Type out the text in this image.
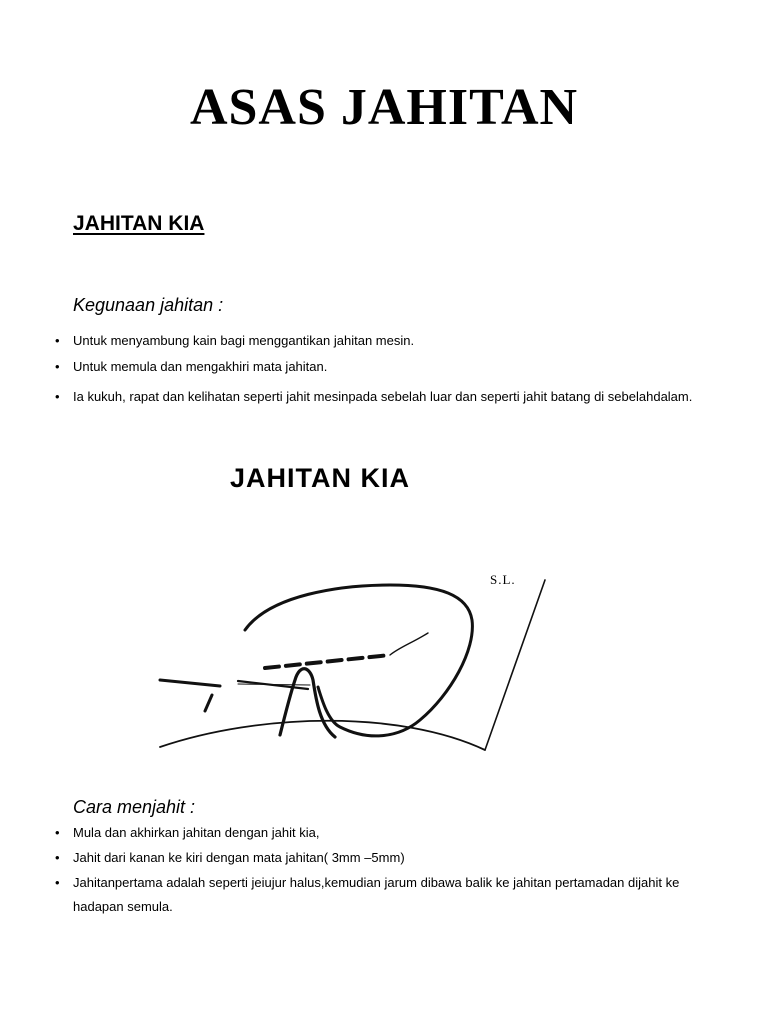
ASAS JAHITAN
JAHITAN KIA

Kegunaan jahitan :

• Untuk menyambung kain bagi menggantikan jahitan mesin.
• Untuk memula dan mengakhiri mata jahitan.
• Ia kukuh, rapat dan kelihatan seperti jahit mesinpada sebelah luar dan seperti jahit batang di sebelahdalam.
JAHITAN KIA
S.L.

Cara menjahit :

• Mula dan akhirkan jahitan dengan jahit kia,
• Jahit dari kanan ke kiri dengan mata jahitan( 3mm –5mm)
• Jahitanpertama adalah seperti jeiujur halus,kemudian jarum dibawa balik ke jahitan pertamadan dijahit ke hadapan semula.
